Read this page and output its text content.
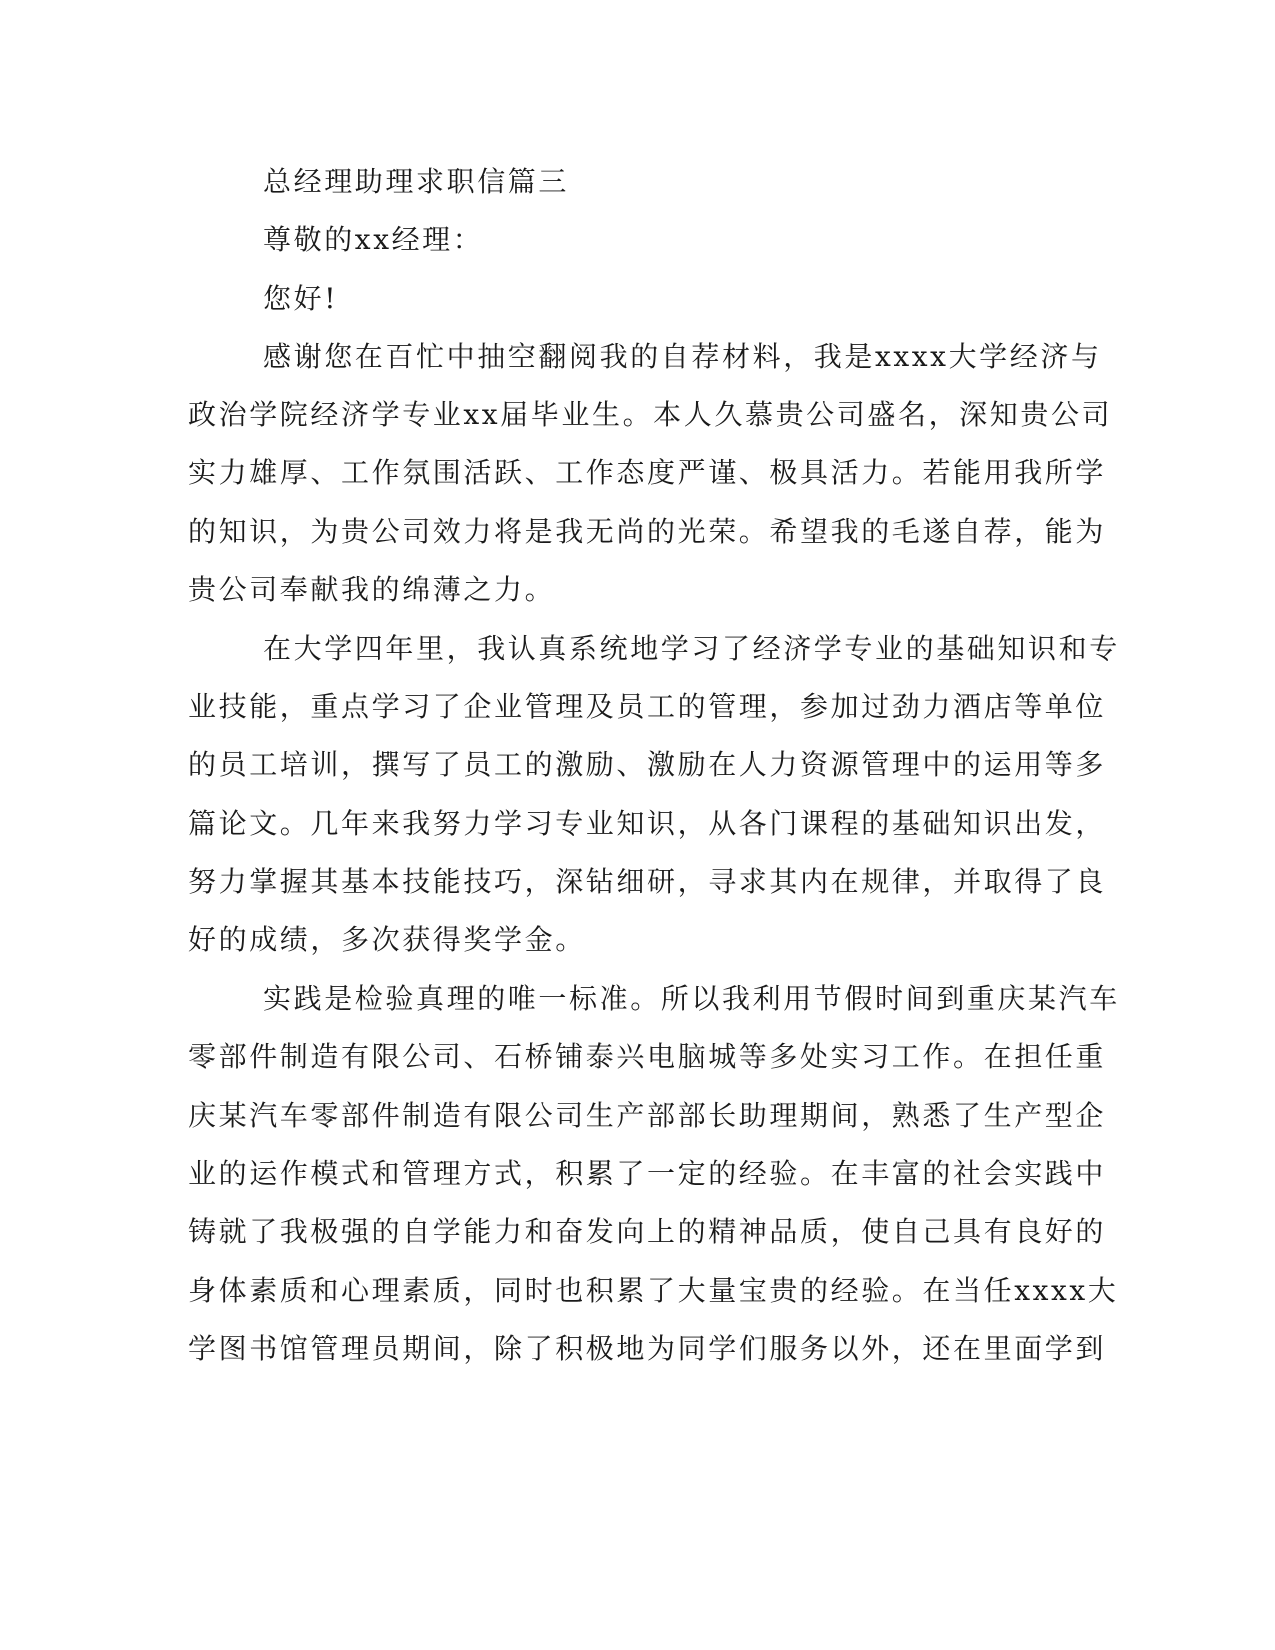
总经理助理求职信篇三
尊敬的xx经理：
您好!
感谢您在百忙中抽空翻阅我的自荐材料，我是xxxx大学经济与
政治学院经济学专业xx届毕业生。本人久慕贵公司盛名，深知贵公司
实力雄厚、工作氛围活跃、工作态度严谨、极具活力。若能用我所学
的知识，为贵公司效力将是我无尚的光荣。希望我的毛遂自荐，能为
贵公司奉献我的绵薄之力。
在大学四年里，我认真系统地学习了经济学专业的基础知识和专
业技能，重点学习了企业管理及员工的管理，参加过劲力酒店等单位
的员工培训，撰写了员工的激励、激励在人力资源管理中的运用等多
篇论文。几年来我努力学习专业知识，从各门课程的基础知识出发，
努力掌握其基本技能技巧，深钻细研，寻求其内在规律，并取得了良
好的成绩，多次获得奖学金。
实践是检验真理的唯一标准。所以我利用节假时间到重庆某汽车
零部件制造有限公司、石桥铺泰兴电脑城等多处实习工作。在担任重
庆某汽车零部件制造有限公司生产部部长助理期间，熟悉了生产型企
业的运作模式和管理方式，积累了一定的经验。在丰富的社会实践中
铸就了我极强的自学能力和奋发向上的精神品质，使自己具有良好的
身体素质和心理素质，同时也积累了大量宝贵的经验。在当任xxxx大
学图书馆管理员期间，除了积极地为同学们服务以外，还在里面学到
